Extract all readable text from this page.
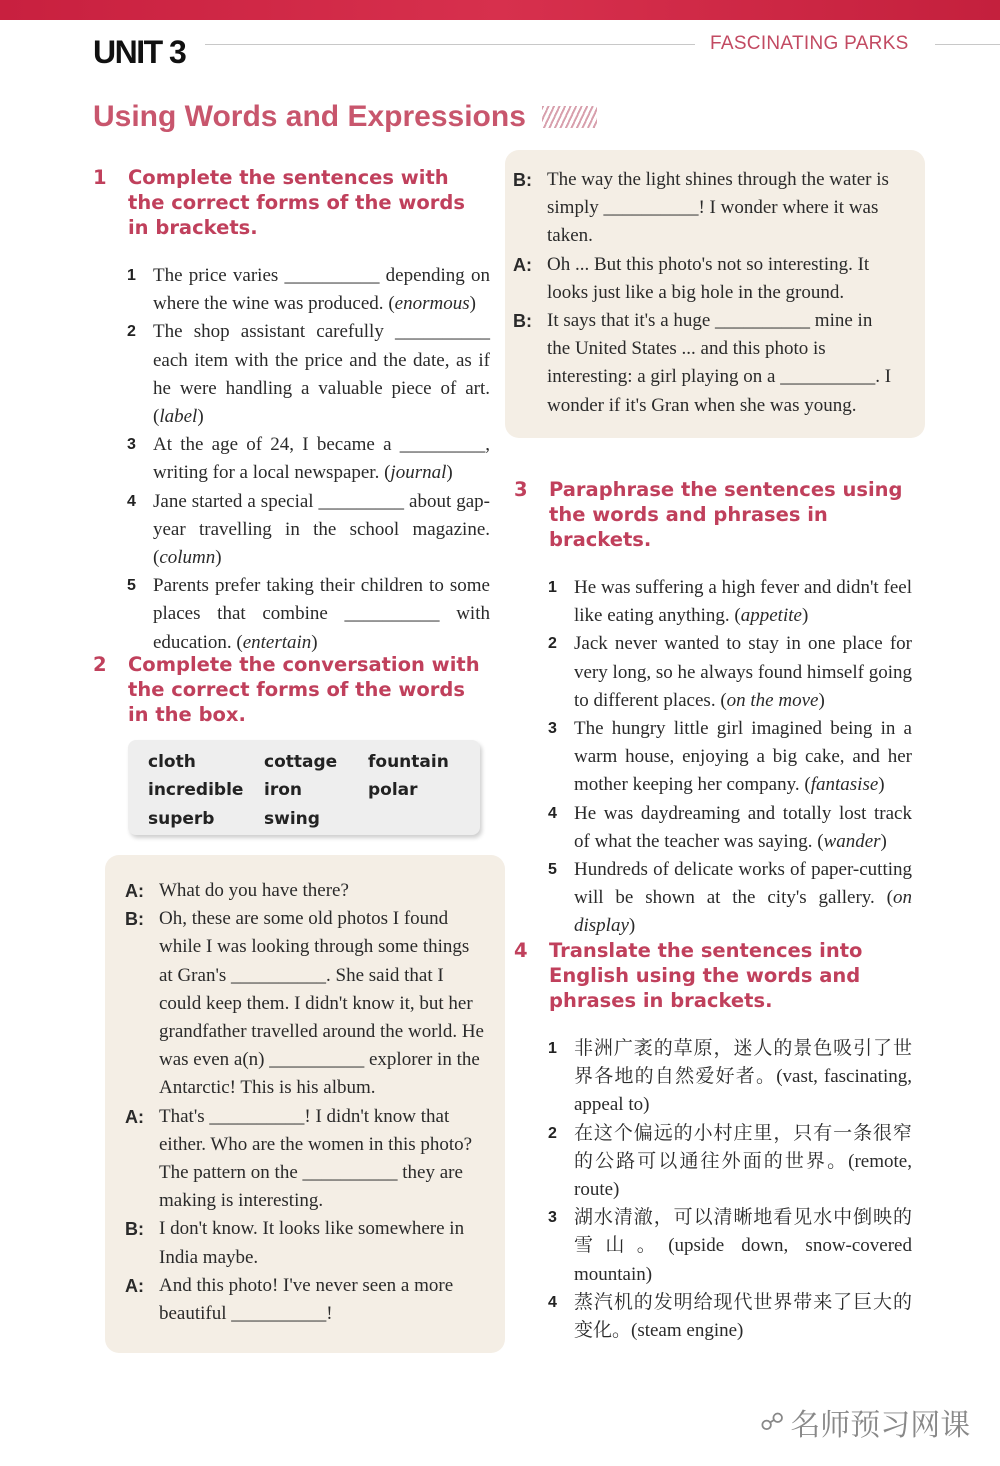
UNIT 3	FASCINATING PARKS
Using Words and Expressions
1	Complete the sentences with the correct forms of the words in brackets.
1 The price varies __________ depending on where the wine was produced. (enormous)
2 The shop assistant carefully __________ each item with the price and the date, as if he were handling a valuable piece of art. (label)
3 At the age of 24, I became a _________, writing for a local newspaper. (journal)
4 Jane started a special _________ about gap-year travelling in the school magazine. (column)
5 Parents prefer taking their children to some places that combine __________ with education. (entertain)
2	Complete the conversation with the correct forms of the words in the box.
cloth	cottage	fountain
incredible	iron	polar
superb	swing
A: What do you have there?
B: Oh, these are some old photos I found while I was looking through some things at Gran's __________. She said that I could keep them. I didn't know it, but her grandfather travelled around the world. He was even a(n) __________ explorer in the Antarctic! This is his album.
A: That's __________! I didn't know that either. Who are the women in this photo? The pattern on the __________ they are making is interesting.
B: I don't know. It looks like somewhere in India maybe.
A: And this photo! I've never seen a more beautiful __________!
B: The way the light shines through the water is simply __________! I wonder where it was taken.
A: Oh ... But this photo's not so interesting. It looks just like a big hole in the ground.
B: It says that it's a huge __________ mine in the United States ... and this photo is interesting: a girl playing on a __________. I wonder if it's Gran when she was young.
3	Paraphrase the sentences using the words and phrases in brackets.
1 He was suffering a high fever and didn't feel like eating anything. (appetite)
2 Jack never wanted to stay in one place for very long, so he always found himself going to different places. (on the move)
3 The hungry little girl imagined being in a warm house, enjoying a big cake, and her mother keeping her company. (fantasise)
4 He was daydreaming and totally lost track of what the teacher was saying. (wander)
5 Hundreds of delicate works of paper-cutting will be shown at the city's gallery. (on display)
4	Translate the sentences into English using the words and phrases in brackets.
1 非洲广袤的草原，迷人的景色吸引了世界各地的自然爱好者。(vast, fascinating, appeal to)
2 在这个偏远的小村庄里，只有一条很窄的公路可以通往外面的世界。(remote, route)
3 湖水清澈，可以清晰地看见水中倒映的雪山。(upside down, snow-covered mountain)
4 蒸汽机的发明给现代世界带来了巨大的变化。(steam engine)
☍ 名师预习网课
